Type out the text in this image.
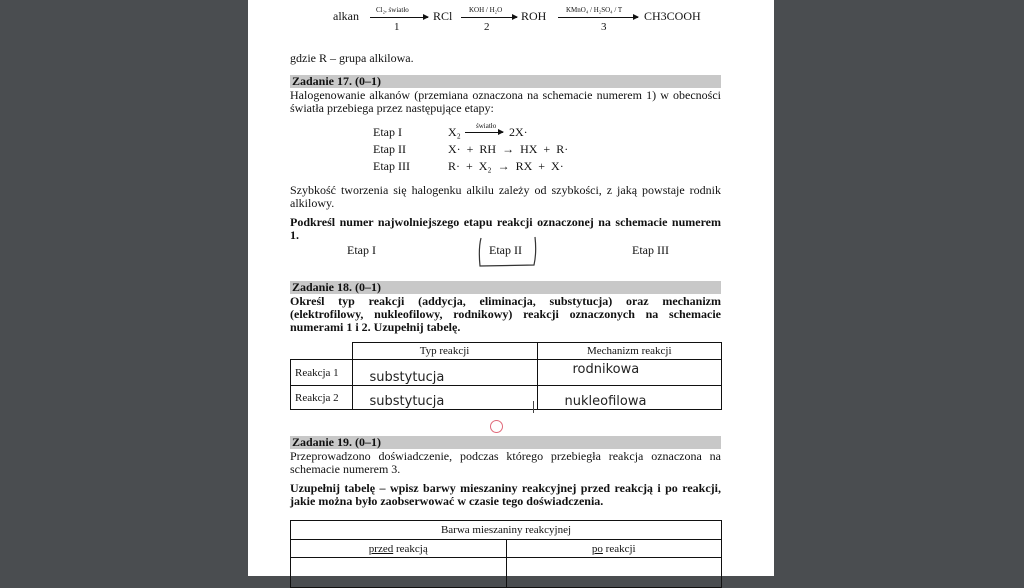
alkan Cl₂, światło
1
RCl KOH / H₂O
2
ROH	KMnO₄ / H₂SO₄ / T
3
CH3COOH
gdzie R – grupa alkilowa.
Zadanie 17. (0–1)
Halogenowanie alkanów (przemiana oznaczona na schemacie numerem 1) w obecności światła przebiega przez następujące etapy:
Etap I	X₂ światło 2X·
Etap II	X·  +  RH  →  HX  +  R·
Etap III	R·  +  X₂  →  RX  +  X·
Szybkość tworzenia się halogenku alkilu zależy od szybkości, z jaką powstaje rodnik alkilowy.
Podkreśl numer najwolniejszego etapu reakcji oznaczonej na schemacie numerem 1.
Etap I	Etap II	Etap III
Zadanie 18. (0–1)
Określ typ reakcji (addycja, eliminacja, substytucja) oraz mechanizm (elektrofilowy, nukleofilowy, rodnikowy) reakcji oznaczonych na schemacie numerami 1 i 2. Uzupełnij tabelę.
	Typ reakcji	Mechanizm reakcji
Reakcja 1	substytucja	rodnikowa
Reakcja 2	substytucja	nukleofilowa
Zadanie 19. (0–1)
Przeprowadzono doświadczenie, podczas którego przebiegła reakcja oznaczona na schemacie numerem 3.
Uzupełnij tabelę – wpisz barwy mieszaniny reakcyjnej przed reakcją i po reakcji, jakie można było zaobserwować w czasie tego doświadczenia.
Barwa mieszaniny reakcyjnej	
przed reakcją	po reakcji
